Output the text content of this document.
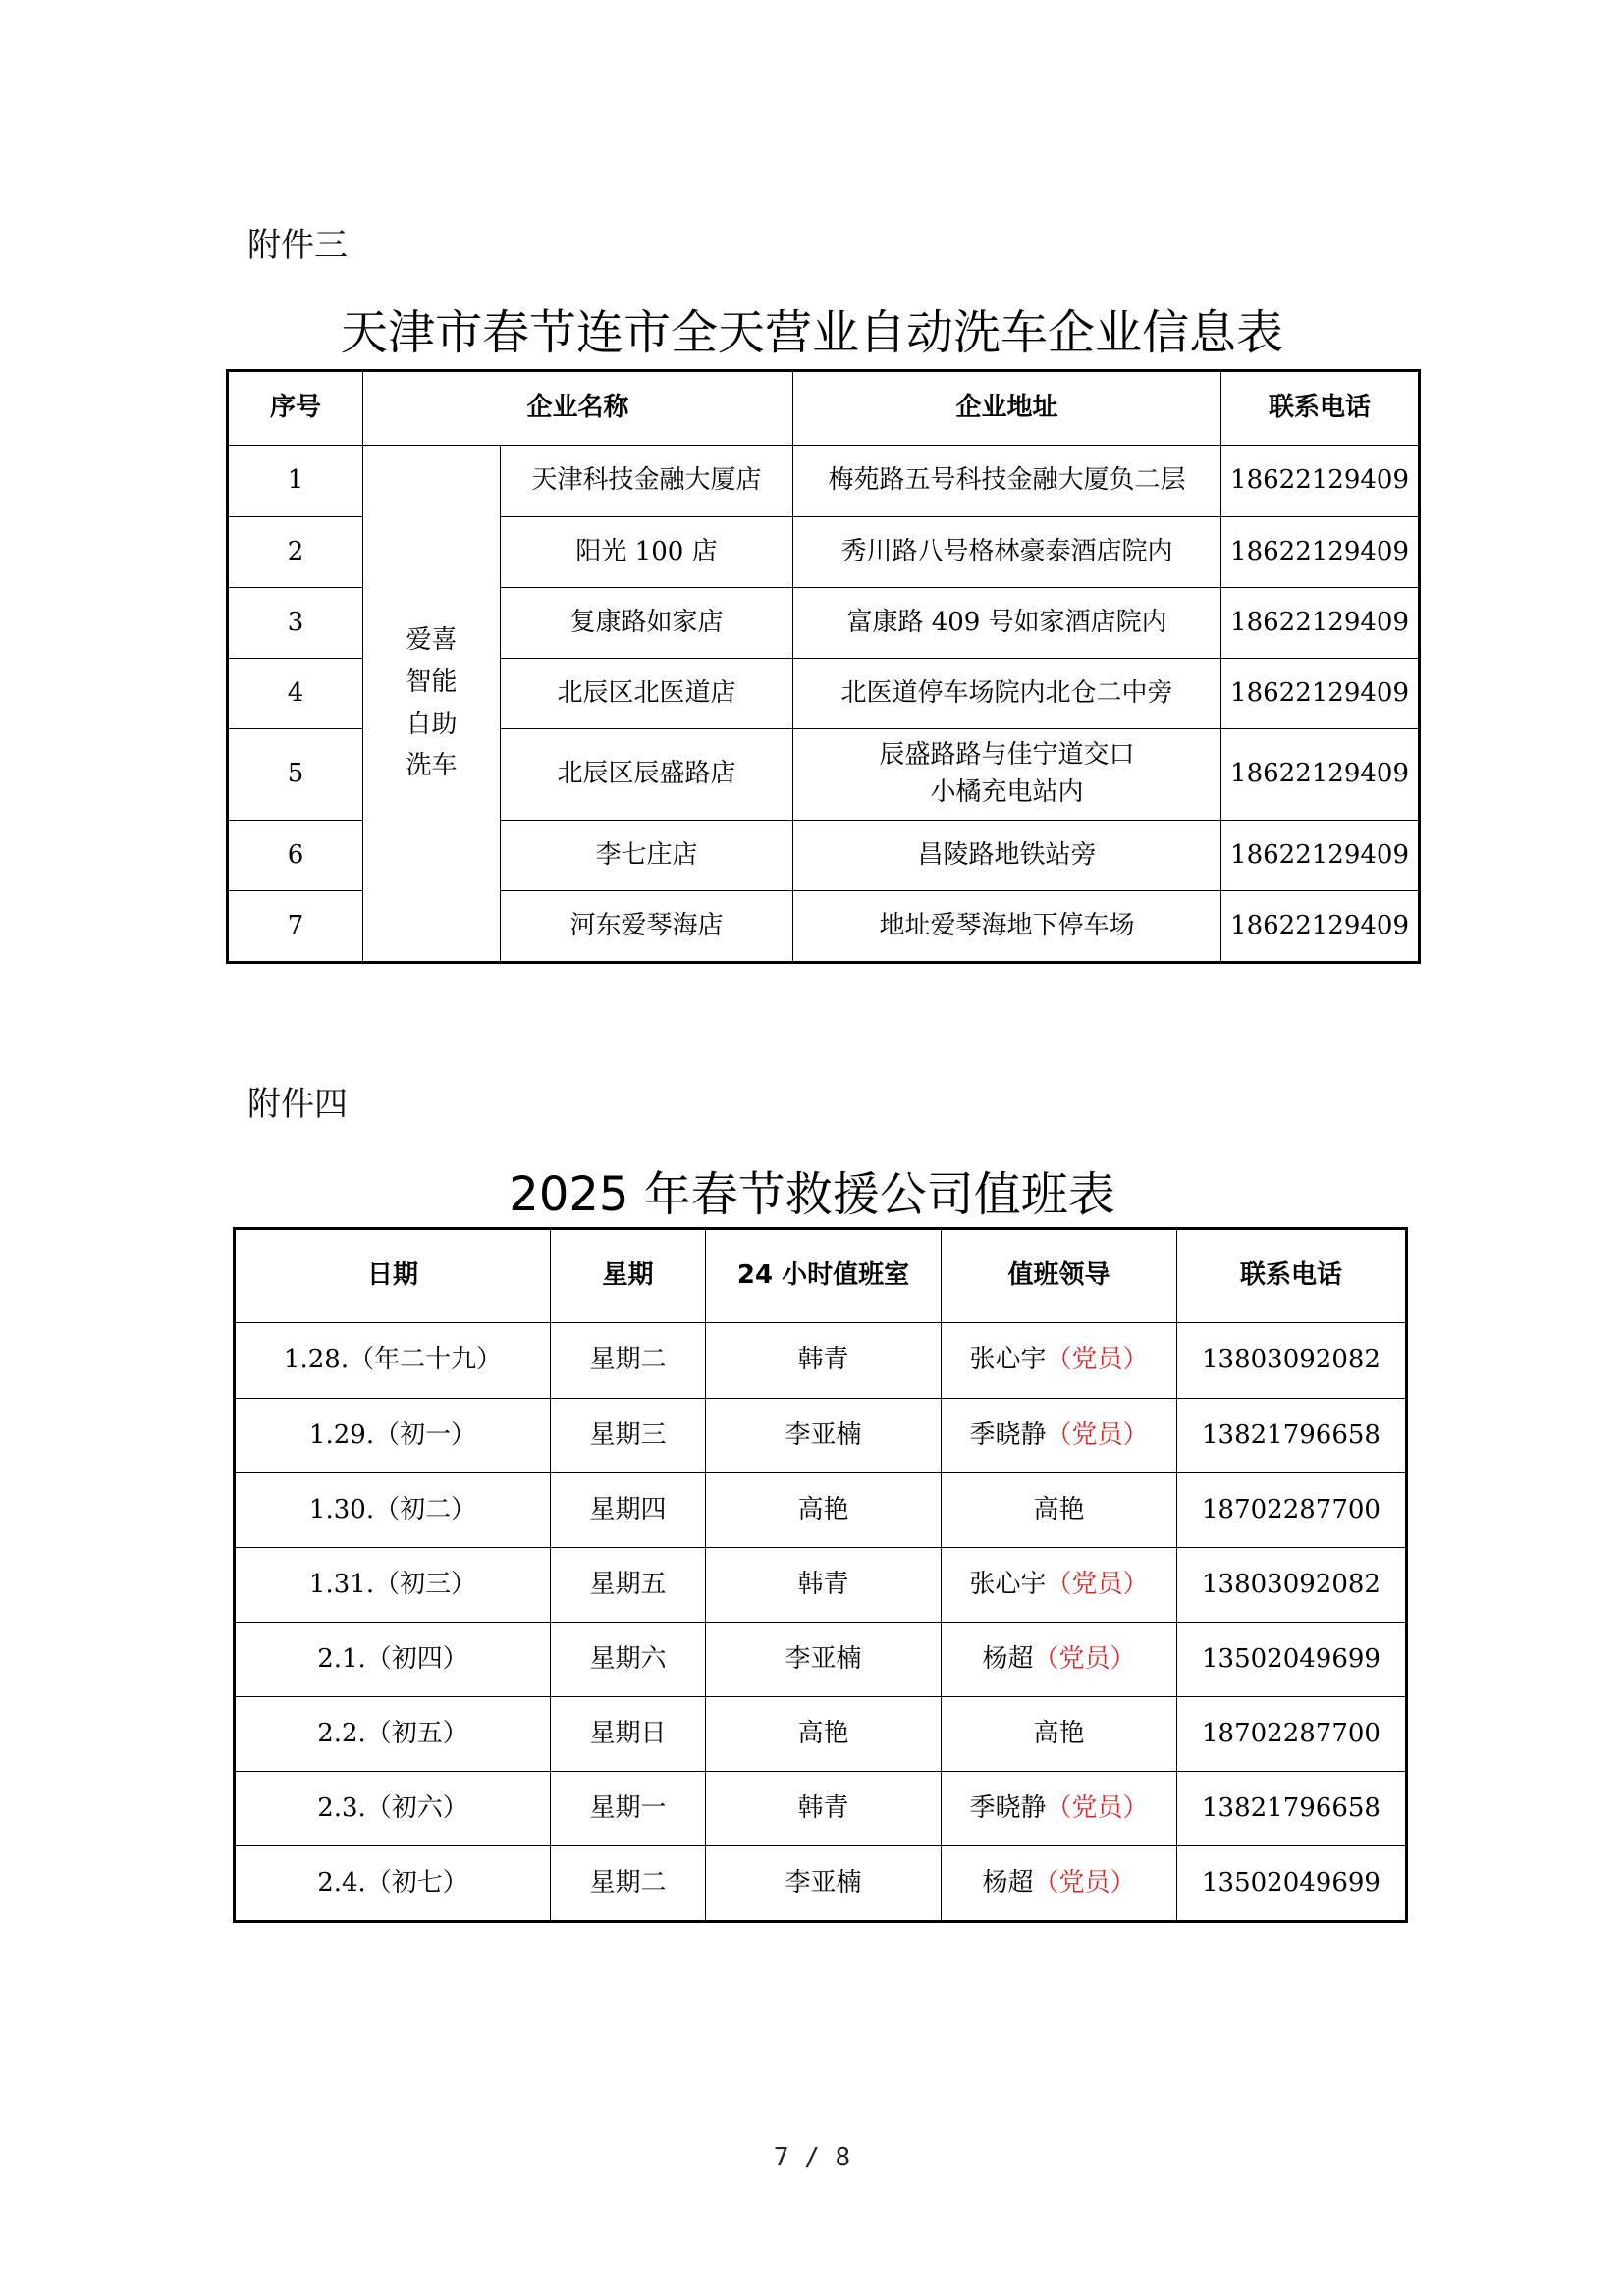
附件三
天津市春节连市全天营业自动洗车企业信息表
序号	企业名称		企业地址	联系电话
1	爱喜
智能
自助
洗车	天津科技金融大厦店	梅苑路五号科技金融大厦负二层	18622129409
2		阳光 100 店	秀川路八号格林豪泰酒店院内	18622129409
3		复康路如家店	富康路 409 号如家酒店院内	18622129409
4		北辰区北医道店	北医道停车场院内北仓二中旁	18622129409
5		北辰区辰盛路店	辰盛路路与佳宁道交口
小橘充电站内	18622129409
6		李七庄店	昌陵路地铁站旁	18622129409
7		河东爱琴海店	地址爱琴海地下停车场	18622129409
附件四
2025 年春节救援公司值班表
日期	星期	24 小时值班室	值班领导	联系电话
1.28.（年二十九）	星期二	韩青	张心宇（党员）	13803092082
1.29.（初一）	星期三	李亚楠	季晓静（党员）	13821796658
1.30.（初二）	星期四	高艳	高艳	18702287700
1.31.（初三）	星期五	韩青	张心宇（党员）	13803092082
2.1.（初四）	星期六	李亚楠	杨超（党员）	13502049699
2.2.（初五）	星期日	高艳	高艳	18702287700
2.3.（初六）	星期一	韩青	季晓静（党员）	13821796658
2.4.（初七）	星期二	李亚楠	杨超（党员）	13502049699
7 / 8
